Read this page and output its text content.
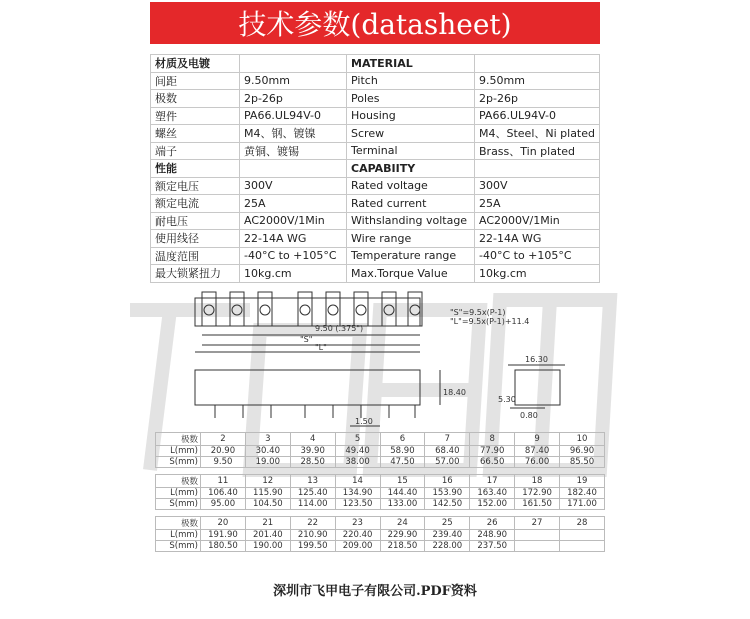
技术参数(datasheet)
材质及电镀		MATERIAL	
间距	9.50mm	Pitch	9.50mm
极数	2p-26p	Poles	2p-26p
塑件	PA66.UL94V-0	Housing	PA66.UL94V-0
螺丝	M4、钢、镀镍	Screw	M4、Steel、Ni plated
端子	黄铜、镀锡	Terminal	Brass、Tin plated
性能		CAPABIITY	
额定电压	300V	Rated voltage	300V
额定电流	25A	Rated current	25A
耐电压	AC2000V/1Min	Withslanding voltage	AC2000V/1Min
使用线径	22-14A WG	Wire range	22-14A WG
温度范围	-40°C to +105°C	Temperature range	-40°C to +105°C
最大锁紧扭力	10kg.cm	Max.Torque Value	10kg.cm
9.50 (.375")
"S"
"L"
"S"=9.5x(P-1)
"L"=9.5x(P-1)+11.4
16.30
18.40
5.30
1.50
0.80
极数	2	3	4	5	6	7	8	9	10
L(mm)	20.90	30.40	39.90	49.40	58.90	68.40	77.90	87.40	96.90
S(mm)	9.50	19.00	28.50	38.00	47.50	57.00	66.50	76.00	85.50
极数	11	12	13	14	15	16	17	18	19
L(mm)	106.40	115.90	125.40	134.90	144.40	153.90	163.40	172.90	182.40
S(mm)	95.00	104.50	114.00	123.50	133.00	142.50	152.00	161.50	171.00
极数	20	21	22	23	24	25	26	27	28
L(mm)	191.90	201.40	210.90	220.40	229.90	239.40	248.90		
S(mm)	180.50	190.00	199.50	209.00	218.50	228.00	237.50		
深圳市飞甲电子有限公司.PDF资料
